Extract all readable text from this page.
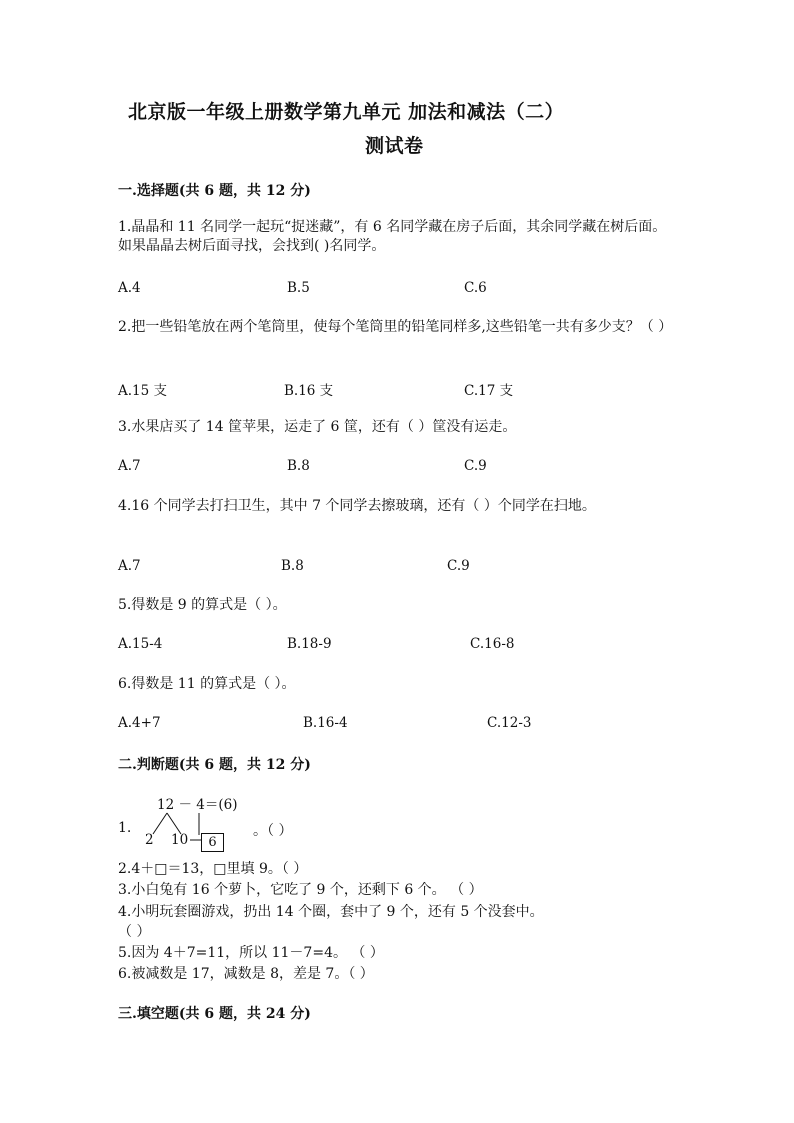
北京版一年级上册数学第九单元 加法和减法（二）
测试卷
一.选择题(共 6 题，共 12 分)
1.晶晶和 11 名同学一起玩“捉迷藏”，有 6 名同学藏在房子后面，其余同学藏在树后面。如果晶晶去树后面寻找，会找到( )名同学。
A.4	B.5	C.6
2.把一些铅笔放在两个笔筒里，使每个笔筒里的铅笔同样多,这些铅笔一共有多少支？（ ）
A.15 支	B.16 支	C.17 支
3.水果店买了 14 筐苹果，运走了 6 筐，还有（ ）筐没有运走。
A.7	B.8	C.9
4.16 个同学去打扫卫生，其中 7 个同学去擦玻璃，还有（ ）个同学在扫地。
A.7	B.8	C.9
5.得数是 9 的算式是（ ）。
A.15-4	B.18-9	C.16-8
6.得数是 11 的算式是（ ）。
A.4+7	B.16-4	C.12-3
二.判断题(共 6 题，共 12 分)
12 － 4＝(6)
1.
2 10	6
。（ ）
2.4＋□＝13，□里填 9。（ ）
3.小白兔有 16 个萝卜，它吃了 9 个，还剩下 6 个。 （ ）
4.小明玩套圈游戏，扔出 14 个圈，套中了 9 个，还有 5 个没套中。
（ ）
5.因为 4＋7=11，所以 11－7=4。 （ ）
6.被减数是 17，减数是 8，差是 7。（ ）
三.填空题(共 6 题，共 24 分)
